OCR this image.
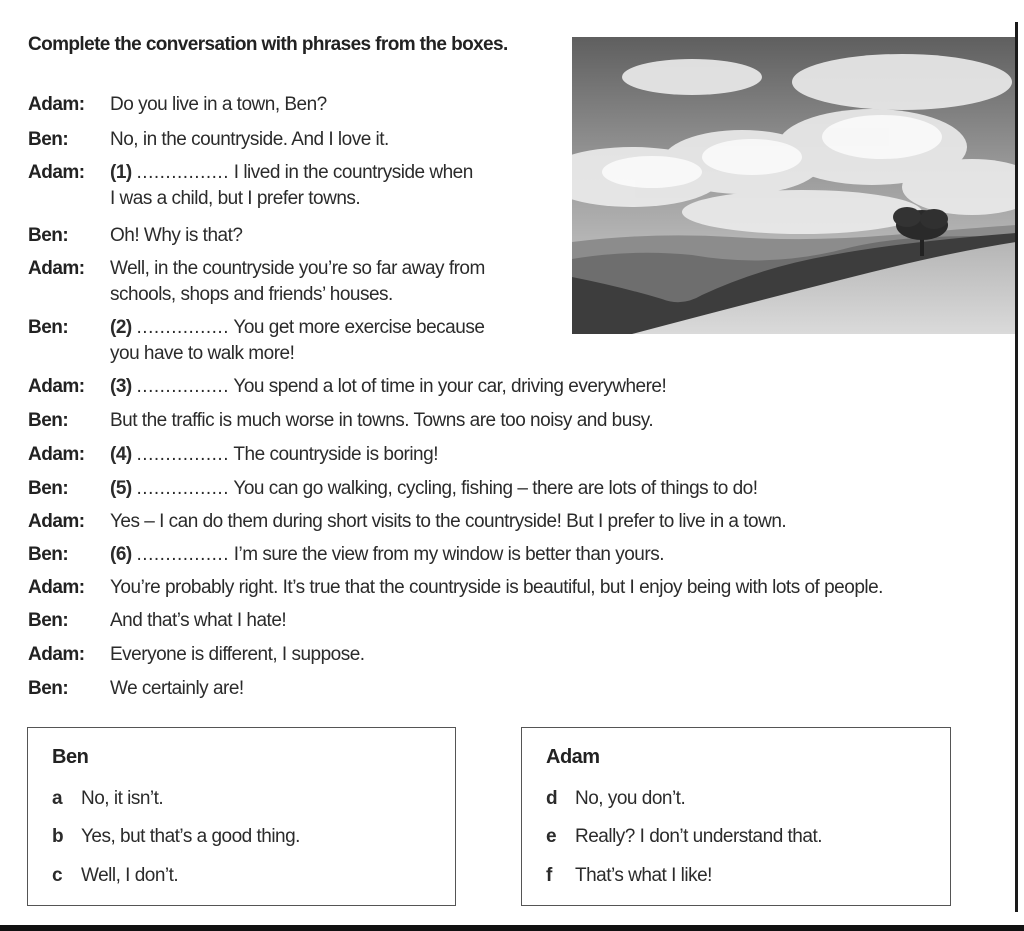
Complete the conversation with phrases from the boxes.
Adam: Do you live in a town, Ben?
Ben: No, in the countryside. And I love it.
Adam: (1) ................ I lived in the countryside when
I was a child, but I prefer towns.
Ben: Oh! Why is that?
Adam: Well, in the countryside you’re so far away from
schools, shops and friends’ houses.
Ben: (2) ................ You get more exercise because
you have to walk more!
Adam: (3) ................ You spend a lot of time in your car, driving everywhere!
Ben: But the traffic is much worse in towns. Towns are too noisy and busy.
Adam: (4) ................ The countryside is boring!
Ben: (5) ................ You can go walking, cycling, fishing – there are lots of things to do!
Adam: Yes – I can do them during short visits to the countryside! But I prefer to live in a town.
Ben: (6) ................ I’m sure the view from my window is better than yours.
Adam: You’re probably right. It’s true that the countryside is beautiful, but I enjoy being with lots of people.
Ben: And that’s what I hate!
Adam: Everyone is different, I suppose.
Ben: We certainly are!
Ben
a No, it isn’t.
b Yes, but that’s a good thing.
c Well, I don’t.
Adam
d No, you don’t.
e Really? I don’t understand that.
f That’s what I like!
